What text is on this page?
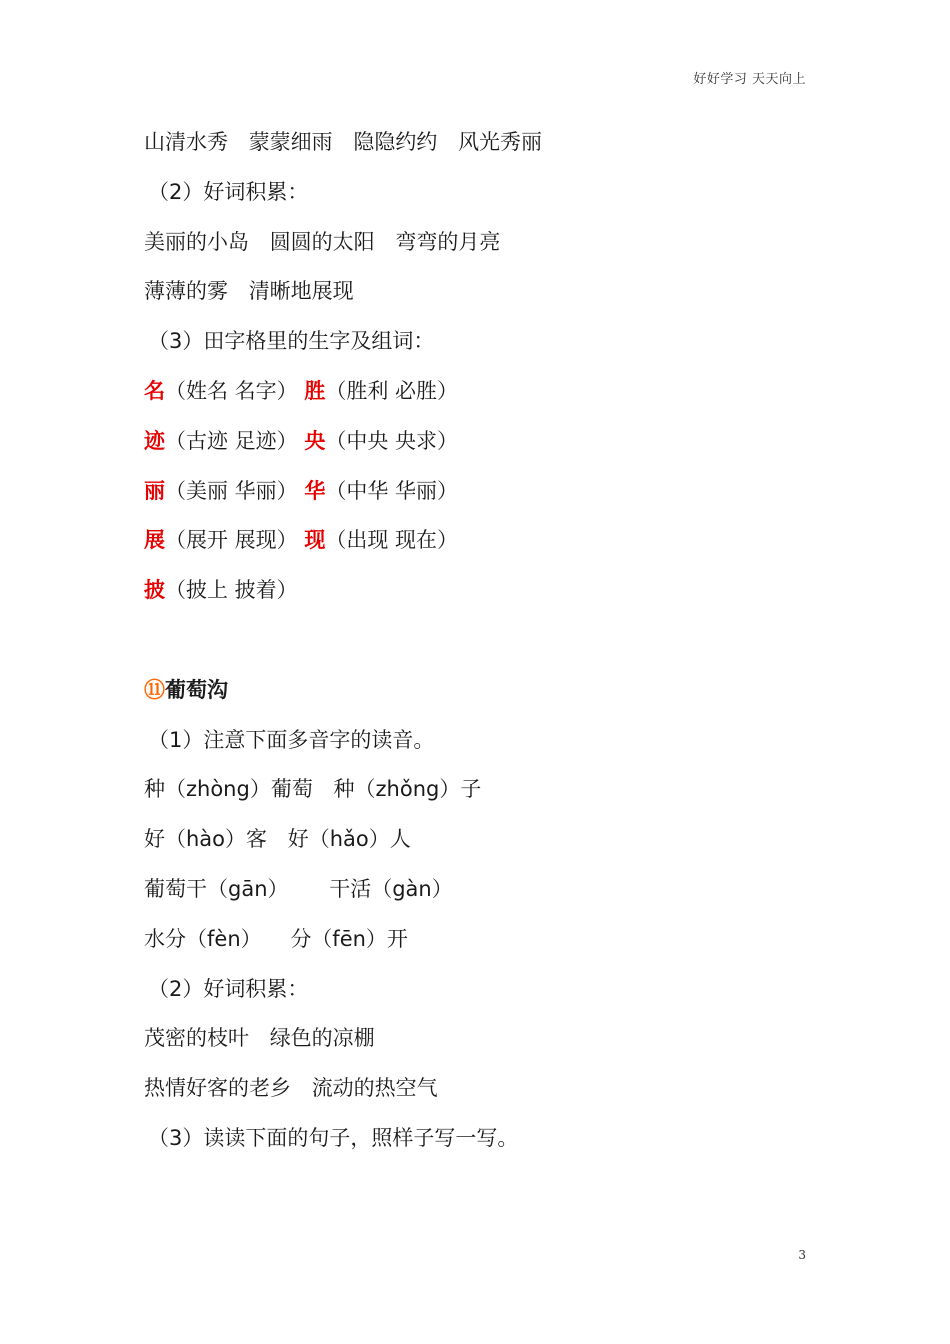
好好学习 天天向上
山清水秀 蒙蒙细雨 隐隐约约 风光秀丽
（2）好词积累：
美丽的小岛 圆圆的太阳 弯弯的月亮
薄薄的雾 清晰地展现
（3）田字格里的生字及组词：
名（姓名 名字） 胜（胜利 必胜）
迹（古迹 足迹） 央（中央 央求）
丽（美丽 华丽） 华（中华 华丽）
展（展开 展现） 现（出现 现在）
披（披上 披着）
⑪葡萄沟
（1）注意下面多音字的读音。
种（zhòng）葡萄 种（zhǒng）子
好（hào）客 好（hǎo）人
葡萄干（gān） 干活（gàn）
水分（fèn） 分（fēn）开
（2）好词积累：
茂密的枝叶 绿色的凉棚
热情好客的老乡 流动的热空气
（3）读读下面的句子，照样子写一写。
3
